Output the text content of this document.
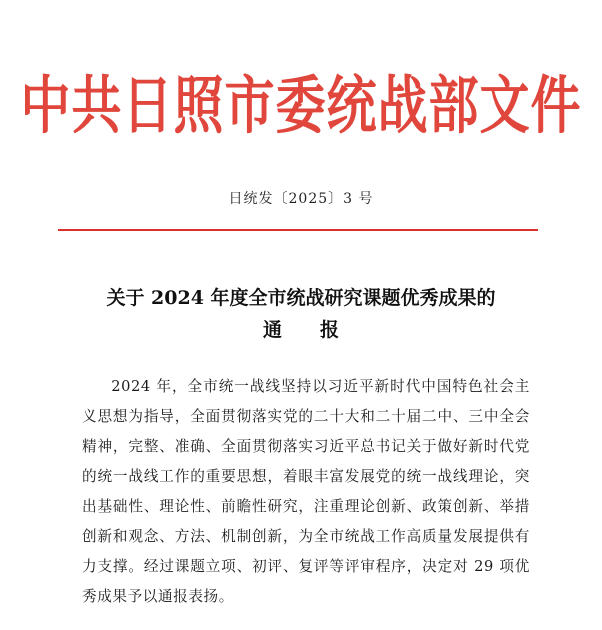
中共日照市委统战部文件
日统发〔2025〕3 号
关于 2024 年度全市统战研究课题优秀成果的
通报

2024 年，全市统一战线坚持以习近平新时代中国特色社会主义思想为指导，全面贯彻落实党的二十大和二十届二中、三中全会精神，完整、准确、全面贯彻落实习近平总书记关于做好新时代党的统一战线工作的重要思想，着眼丰富发展党的统一战线理论，突出基础性、理论性、前瞻性研究，注重理论创新、政策创新、举措创新和观念、方法、机制创新，为全市统战工作高质量发展提供有力支撑。经过课题立项、初评、复评等评审程序，决定对 29 项优秀成果予以通报表扬。
